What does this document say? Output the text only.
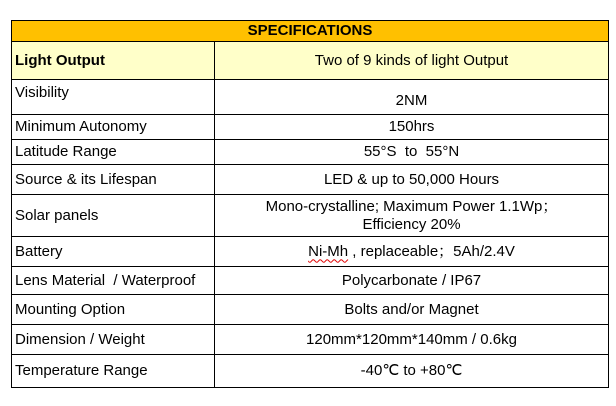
SPECIFICATIONS	
Light Output	Two of 9 kinds of light Output
Visibility	2NM
Minimum Autonomy	150hrs
Latitude Range	55°S  to  55°N
Source & its Lifespan	LED & up to 50,000 Hours
Solar panels	Mono-crystalline; Maximum Power 1.1Wp；
Efficiency 20%

Battery	Ni-Mh , replaceable；5Ah/2.4V
Lens Material  / Waterproof	Polycarbonate / IP67
Mounting Option	Bolts and/or Magnet
Dimension / Weight	120mm*120mm*140mm / 0.6kg
Temperature Range	-40℃ to +80℃
